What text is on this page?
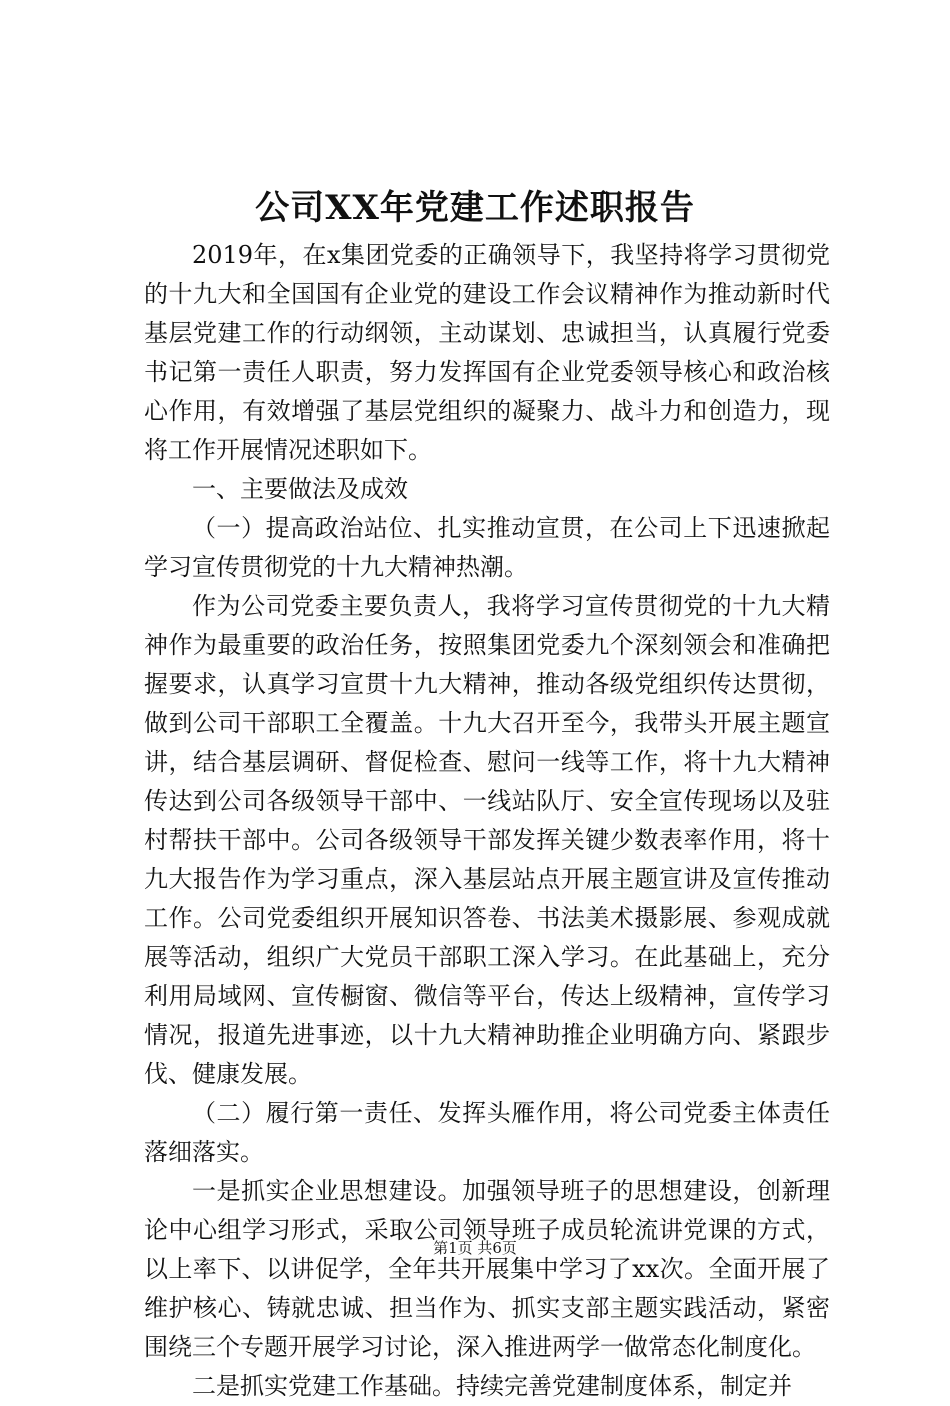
公司XX年党建工作述职报告

2019年，在x集团党委的正确领导下，我坚持将学习贯彻党的十九大和全国国有企业党的建设工作会议精神作为推动新时代基层党建工作的行动纲领，主动谋划、忠诚担当，认真履行党委书记第一责任人职责，努力发挥国有企业党委领导核心和政治核心作用，有效增强了基层党组织的凝聚力、战斗力和创造力，现将工作开展情况述职如下。

一、主要做法及成效

（一）提高政治站位、扎实推动宣贯，在公司上下迅速掀起学习宣传贯彻党的十九大精神热潮。

作为公司党委主要负责人，我将学习宣传贯彻党的十九大精神作为最重要的政治任务，按照集团党委九个深刻领会和准确把握要求，认真学习宣贯十九大精神，推动各级党组织传达贯彻，做到公司干部职工全覆盖。十九大召开至今，我带头开展主题宣讲，结合基层调研、督促检查、慰问一线等工作，将十九大精神传达到公司各级领导干部中、一线站队厅、安全宣传现场以及驻村帮扶干部中。公司各级领导干部发挥关键少数表率作用，将十九大报告作为学习重点，深入基层站点开展主题宣讲及宣传推动工作。公司党委组织开展知识答卷、书法美术摄影展、参观成就展等活动，组织广大党员干部职工深入学习。在此基础上，充分利用局域网、宣传橱窗、微信等平台，传达上级精神，宣传学习情况，报道先进事迹，以十九大精神助推企业明确方向、紧跟步伐、健康发展。

（二）履行第一责任、发挥头雁作用，将公司党委主体责任落细落实。

一是抓实企业思想建设。加强领导班子的思想建设，创新理论中心组学习形式，采取公司领导班子成员轮流讲党课的方式，以上率下、以讲促学，全年共开展集中学习了xx次。全面开展了维护核心、铸就忠诚、担当作为、抓实支部主题实践活动，紧密围绕三个专题开展学习讨论，深入推进两学一做常态化制度化。

二是抓实党建工作基础。持续完善党建制度体系，制定并

第1页 共6页
